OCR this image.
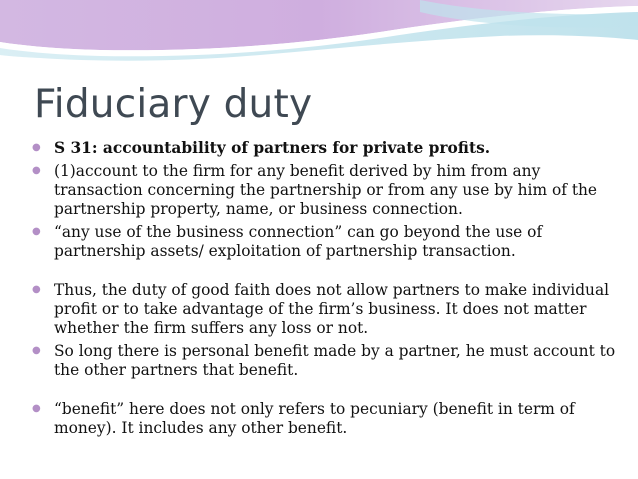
Fiduciary duty
● S 31: accountability of partners for private profits.
● (1)account to the firm for any benefit derived by him from any transaction concerning the partnership or from any use by him of the partnership property, name, or business connection.
● “any use of the business connection” can go beyond the use of partnership assets/ exploitation of partnership transaction.
● Thus, the duty of good faith does not allow partners to make individual profit or to take advantage of the firm’s business. It does not matter whether the firm suffers any loss or not.
● So long there is personal benefit made by a partner, he must account to the other partners that benefit.
● “benefit” here does not only refers to pecuniary (benefit in term of money). It includes any other benefit.
